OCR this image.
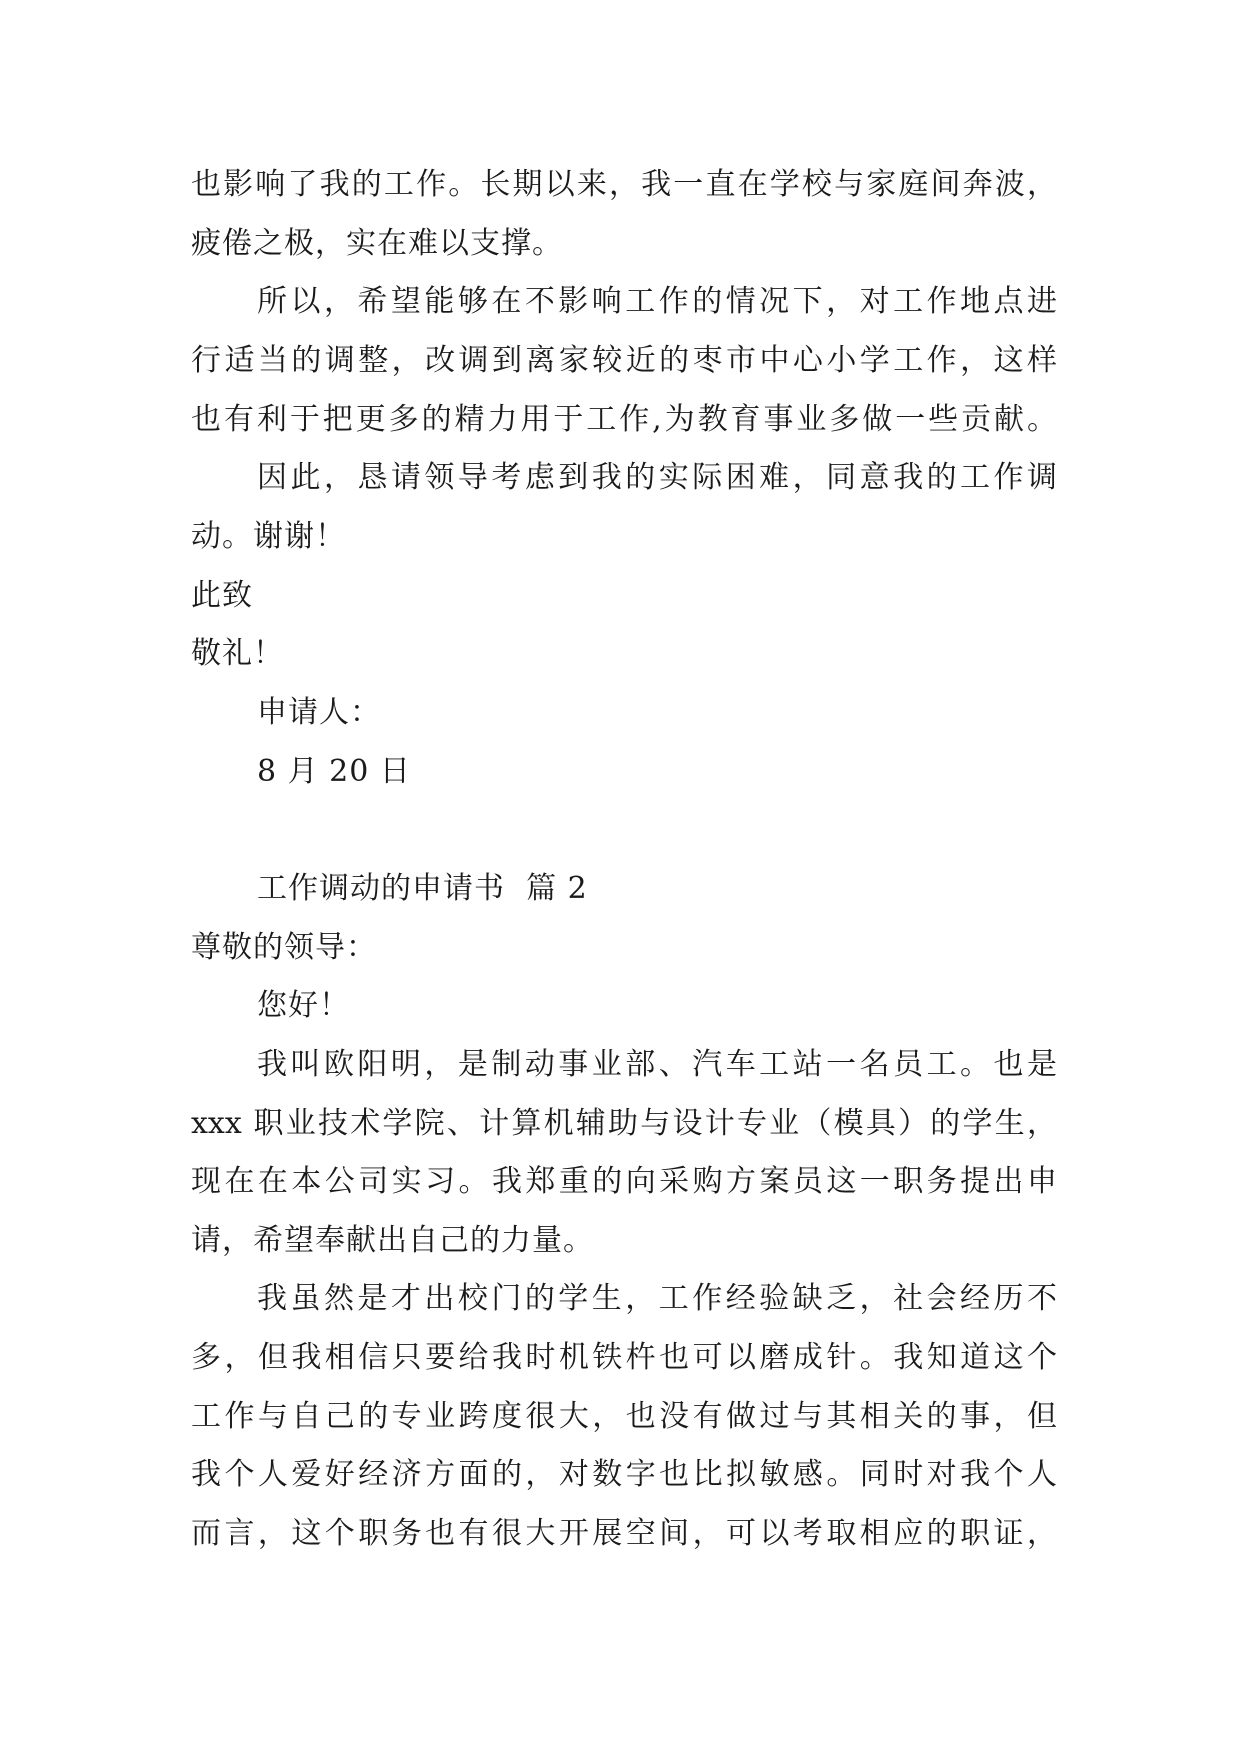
也影响了我的工作。长期以来，我一直在学校与家庭间奔波，
疲倦之极，实在难以支撑。
所以，希望能够在不影响工作的情况下，对工作地点进
行适当的调整，改调到离家较近的枣市中心小学工作，这样
也有利于把更多的精力用于工作,为教育事业多做一些贡献。
因此，恳请领导考虑到我的实际困难，同意我的工作调
动。谢谢！
此致
敬礼！
申请人：
8 月 20 日
工作调动的申请书  篇 2
尊敬的领导：
您好！
我叫欧阳明，是制动事业部、汽车工站一名员工。也是
xxx 职业技术学院、计算机辅助与设计专业（模具）的学生，
现在在本公司实习。我郑重的向采购方案员这一职务提出申
请，希望奉献出自己的力量。
我虽然是才出校门的学生，工作经验缺乏，社会经历不
多，但我相信只要给我时机铁杵也可以磨成针。我知道这个
工作与自己的专业跨度很大，也没有做过与其相关的事，但
我个人爱好经济方面的，对数字也比拟敏感。同时对我个人
而言，这个职务也有很大开展空间，可以考取相应的职证，
